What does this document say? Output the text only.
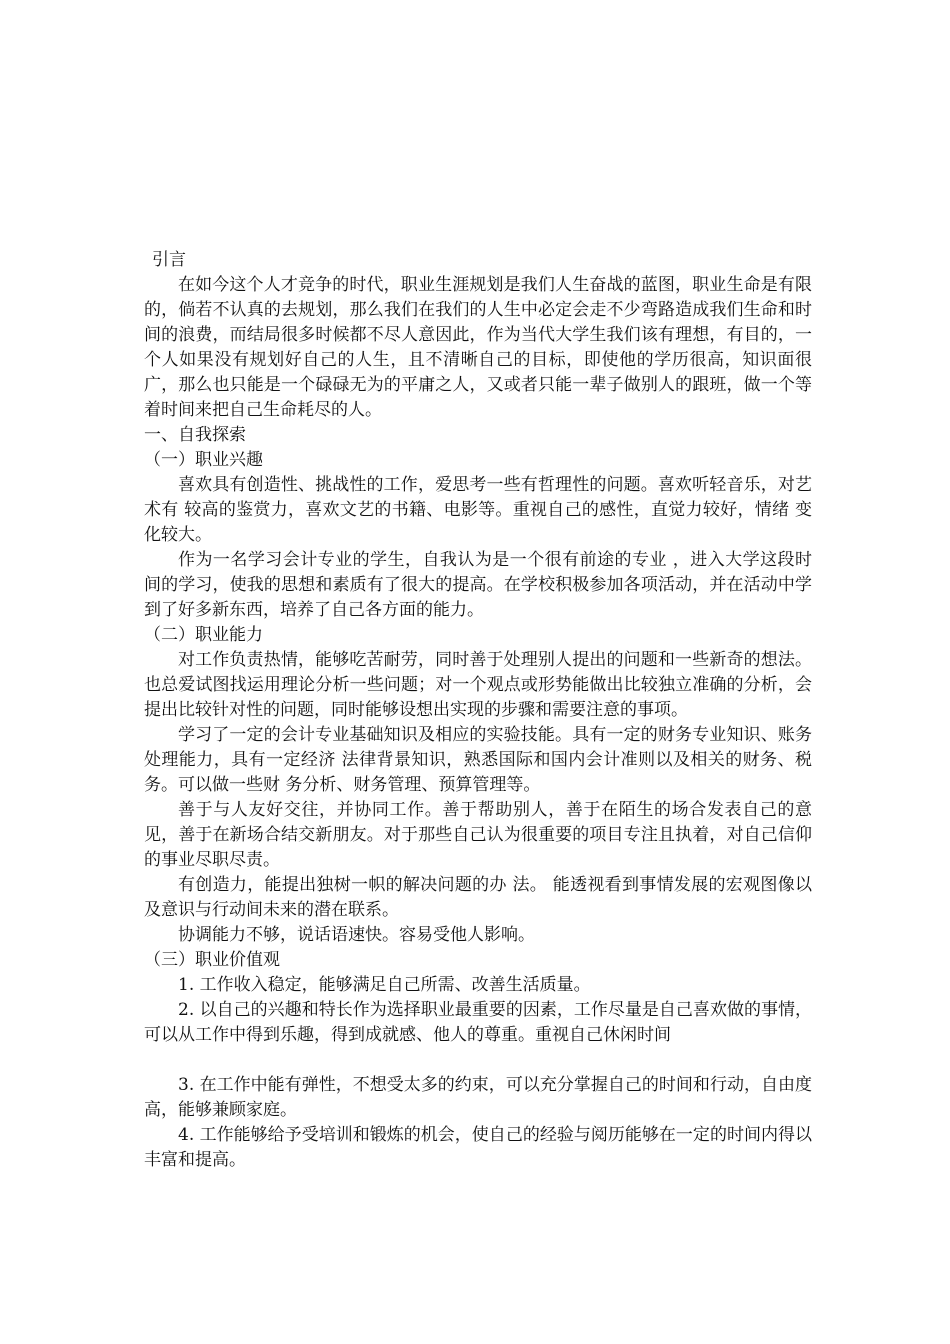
引言

在如今这个人才竞争的时代，职业生涯规划是我们人生奋战的蓝图，职业生命是有限的，倘若不认真的去规划，那么我们在我们的人生中必定会走不少弯路造成我们生命和时间的浪费，而结局很多时候都不尽人意因此，作为当代大学生我们该有理想，有目的，一个人如果没有规划好自己的人生，且不清晰自己的目标，即使他的学历很高，知识面很广，那么也只能是一个碌碌无为的平庸之人，又或者只能一辈子做别人的跟班，做一个等着时间来把自己生命耗尽的人。

一、自我探索
（一）职业兴趣

喜欢具有创造性、挑战性的工作，爱思考一些有哲理性的问题。喜欢听轻音乐，对艺术有 较高的鉴赏力，喜欢文艺的书籍、电影等。重视自己的感性，直觉力较好，情绪 变化较大。

作为一名学习会计专业的学生，自我认为是一个很有前途的专业 ，进入大学这段时间的学习，使我的思想和素质有了很大的提高。在学校积极参加各项活动，并在活动中学到了好多新东西，培养了自己各方面的能力。

（二）职业能力

对工作负责热情，能够吃苦耐劳，同时善于处理别人提出的问题和一些新奇的想法。也总爱试图找运用理论分析一些问题；对一个观点或形势能做出比较独立准确的分析，会提出比较针对性的问题，同时能够设想出实现的步骤和需要注意的事项。

学习了一定的会计专业基础知识及相应的实验技能。具有一定的财务专业知识、账务处理能力，具有一定经济 法律背景知识，熟悉国际和国内会计准则以及相关的财务、税务。可以做一些财 务分析、财务管理、预算管理等。

善于与人友好交往，并协同工作。善于帮助别人，善于在陌生的场合发表自己的意见，善于在新场合结交新朋友。对于那些自己认为很重要的项目专注且执着，对自己信仰的事业尽职尽责。

有创造力，能提出独树一帜的解决问题的办 法。 能透视看到事情发展的宏观图像以及意识与行动间未来的潜在联系。

协调能力不够，说话语速快。容易受他人影响。

（三）职业价值观

1. 工作收入稳定，能够满足自己所需、改善生活质量。

2. 以自己的兴趣和特长作为选择职业最重要的因素，工作尽量是自己喜欢做的事情，可以从工作中得到乐趣，得到成就感、他人的尊重。重视自己休闲时间

3. 在工作中能有弹性，不想受太多的约束，可以充分掌握自己的时间和行动，自由度高，能够兼顾家庭。

4. 工作能够给予受培训和锻炼的机会，使自己的经验与阅历能够在一定的时间内得以丰富和提高。
